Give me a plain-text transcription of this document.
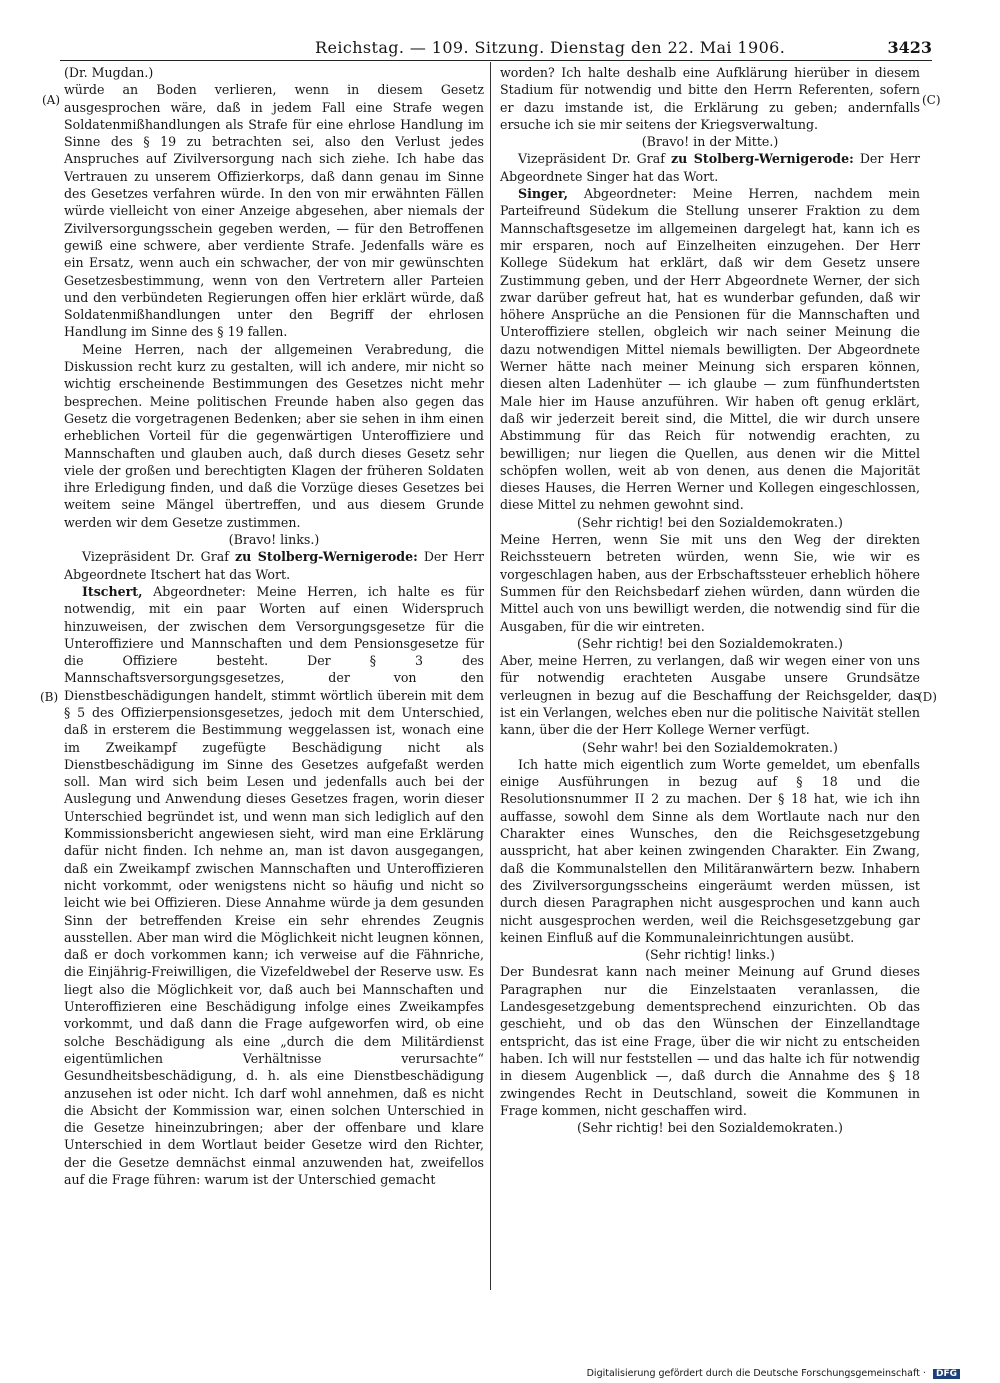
Reichstag. — 109. Sitzung. Dienstag den 22. Mai 1906.	3423
(A)
(B)
(C)
(D)

(Dr. Mugdan.)

würde an Boden verlieren, wenn in diesem Gesetz ausgesprochen wäre, daß in jedem Fall eine Strafe wegen Soldatenmißhandlungen als Strafe für eine ehrlose Handlung im Sinne des § 19 zu betrachten sei, also den Verlust jedes Anspruches auf Zivilversorgung nach sich ziehe. Ich habe das Vertrauen zu unserem Offizierkorps, daß dann genau im Sinne des Gesetzes verfahren würde. In den von mir erwähnten Fällen würde vielleicht von einer Anzeige abgesehen, aber niemals der Zivilversorgungsschein gegeben werden, — für den Betroffenen gewiß eine schwere, aber verdiente Strafe. Jedenfalls wäre es ein Ersatz, wenn auch ein schwacher, der von mir gewünschten Gesetzesbestimmung, wenn von den Vertretern aller Parteien und den verbündeten Regierungen offen hier erklärt würde, daß Soldatenmißhandlungen unter den Begriff der ehrlosen Handlung im Sinne des § 19 fallen.

Meine Herren, nach der allgemeinen Verabredung, die Diskussion recht kurz zu gestalten, will ich andere, mir nicht so wichtig erscheinende Bestimmungen des Gesetzes nicht mehr besprechen. Meine politischen Freunde haben also gegen das Gesetz die vorgetragenen Bedenken; aber sie sehen in ihm einen erheblichen Vorteil für die gegenwärtigen Unteroffiziere und Mannschaften und glauben auch, daß durch dieses Gesetz sehr viele der großen und berechtigten Klagen der früheren Soldaten ihre Erledigung finden, und daß die Vorzüge dieses Gesetzes bei weitem seine Mängel übertreffen, und aus diesem Grunde werden wir dem Gesetze zustimmen.

(Bravo! links.)

Vizepräsident Dr. Graf zu Stolberg-Wernigerode: Der Herr Abgeordnete Itschert hat das Wort.

Itschert, Abgeordneter: Meine Herren, ich halte es für notwendig, mit ein paar Worten auf einen Widerspruch hinzuweisen, der zwischen dem Versorgungsgesetze für die Unteroffiziere und Mannschaften und dem Pensionsgesetze für die Offiziere besteht. Der § 3 des Mannschaftsversorgungsgesetzes, der von den Dienstbeschädigungen handelt, stimmt wörtlich überein mit dem § 5 des Offizierpensionsgesetzes, jedoch mit dem Unterschied, daß in ersterem die Bestimmung weggelassen ist, wonach eine im Zweikampf zugefügte Beschädigung nicht als Dienstbeschädigung im Sinne des Gesetzes aufgefaßt werden soll. Man wird sich beim Lesen und jedenfalls auch bei der Auslegung und Anwendung dieses Gesetzes fragen, worin dieser Unterschied begründet ist, und wenn man sich lediglich auf den Kommissionsbericht angewiesen sieht, wird man eine Erklärung dafür nicht finden. Ich nehme an, man ist davon ausgegangen, daß ein Zweikampf zwischen Mannschaften und Unteroffizieren nicht vorkommt, oder wenigstens nicht so häufig und nicht so leicht wie bei Offizieren. Diese Annahme würde ja dem gesunden Sinn der betreffenden Kreise ein sehr ehrendes Zeugnis ausstellen. Aber man wird die Möglichkeit nicht leugnen können, daß er doch vorkommen kann; ich verweise auf die Fähnriche, die Einjährig-Freiwilligen, die Vizefeldwebel der Reserve usw. Es liegt also die Möglichkeit vor, daß auch bei Mannschaften und Unteroffizieren eine Beschädigung infolge eines Zweikampfes vorkommt, und daß dann die Frage aufgeworfen wird, ob eine solche Beschädigung als eine „durch die dem Militärdienst eigentümlichen Verhältnisse verursachte“ Gesundheitsbeschädigung, d. h. als eine Dienstbeschädigung anzusehen ist oder nicht. Ich darf wohl annehmen, daß es nicht die Absicht der Kommission war, einen solchen Unterschied in die Gesetze hineinzubringen; aber der offenbare und klare Unterschied in dem Wortlaut beider Gesetze wird den Richter, der die Gesetze demnächst einmal anzuwenden hat, zweifellos auf die Frage führen: warum ist der Unterschied gemacht

worden? Ich halte deshalb eine Aufklärung hierüber in diesem Stadium für notwendig und bitte den Herrn Referenten, sofern er dazu imstande ist, die Erklärung zu geben; andernfalls ersuche ich sie mir seitens der Kriegsverwaltung.

(Bravo! in der Mitte.)

Vizepräsident Dr. Graf zu Stolberg-Wernigerode: Der Herr Abgeordnete Singer hat das Wort.

Singer, Abgeordneter: Meine Herren, nachdem mein Parteifreund Südekum die Stellung unserer Fraktion zu dem Mannschaftsgesetze im allgemeinen dargelegt hat, kann ich es mir ersparen, noch auf Einzelheiten einzugehen. Der Herr Kollege Südekum hat erklärt, daß wir dem Gesetz unsere Zustimmung geben, und der Herr Abgeordnete Werner, der sich zwar darüber gefreut hat, hat es wunderbar gefunden, daß wir höhere Ansprüche an die Pensionen für die Mannschaften und Unteroffiziere stellen, obgleich wir nach seiner Meinung die dazu notwendigen Mittel niemals bewilligten. Der Abgeordnete Werner hätte nach meiner Meinung sich ersparen können, diesen alten Ladenhüter — ich glaube — zum fünfhundertsten Male hier im Hause anzuführen. Wir haben oft genug erklärt, daß wir jederzeit bereit sind, die Mittel, die wir durch unsere Abstimmung für das Reich für notwendig erachten, zu bewilligen; nur liegen die Quellen, aus denen wir die Mittel schöpfen wollen, weit ab von denen, aus denen die Majorität dieses Hauses, die Herren Werner und Kollegen eingeschlossen, diese Mittel zu nehmen gewohnt sind.

(Sehr richtig! bei den Sozialdemokraten.)

Meine Herren, wenn Sie mit uns den Weg der direkten Reichssteuern betreten würden, wenn Sie, wie wir es vorgeschlagen haben, aus der Erbschaftssteuer erheblich höhere Summen für den Reichsbedarf ziehen würden, dann würden die Mittel auch von uns bewilligt werden, die notwendig sind für die Ausgaben, für die wir eintreten.

(Sehr richtig! bei den Sozialdemokraten.)

Aber, meine Herren, zu verlangen, daß wir wegen einer von uns für notwendig erachteten Ausgabe unsere Grundsätze verleugnen in bezug auf die Beschaffung der Reichsgelder, das ist ein Verlangen, welches eben nur die politische Naivität stellen kann, über die der Herr Kollege Werner verfügt.

(Sehr wahr! bei den Sozialdemokraten.)

Ich hatte mich eigentlich zum Worte gemeldet, um ebenfalls einige Ausführungen in bezug auf § 18 und die Resolutionsnummer II 2 zu machen. Der § 18 hat, wie ich ihn auffasse, sowohl dem Sinne als dem Wortlaute nach nur den Charakter eines Wunsches, den die Reichsgesetzgebung ausspricht, hat aber keinen zwingenden Charakter. Ein Zwang, daß die Kommunalstellen den Militäranwärtern bezw. Inhabern des Zivilversorgungsscheins eingeräumt werden müssen, ist durch diesen Paragraphen nicht ausgesprochen und kann auch nicht ausgesprochen werden, weil die Reichsgesetzgebung gar keinen Einfluß auf die Kommunaleinrichtungen ausübt.

(Sehr richtig! links.)

Der Bundesrat kann nach meiner Meinung auf Grund dieses Paragraphen nur die Einzelstaaten veranlassen, die Landesgesetzgebung dementsprechend einzurichten. Ob das geschieht, und ob das den Wünschen der Einzellandtage entspricht, das ist eine Frage, über die wir nicht zu entscheiden haben. Ich will nur feststellen — und das halte ich für notwendig in diesem Augenblick —, daß durch die Annahme des § 18 zwingendes Recht in Deutschland, soweit die Kommunen in Frage kommen, nicht geschaffen wird.

(Sehr richtig! bei den Sozialdemokraten.)

Digitalisierung gefördert durch die Deutsche Forschungsgemeinschaft · DFG
